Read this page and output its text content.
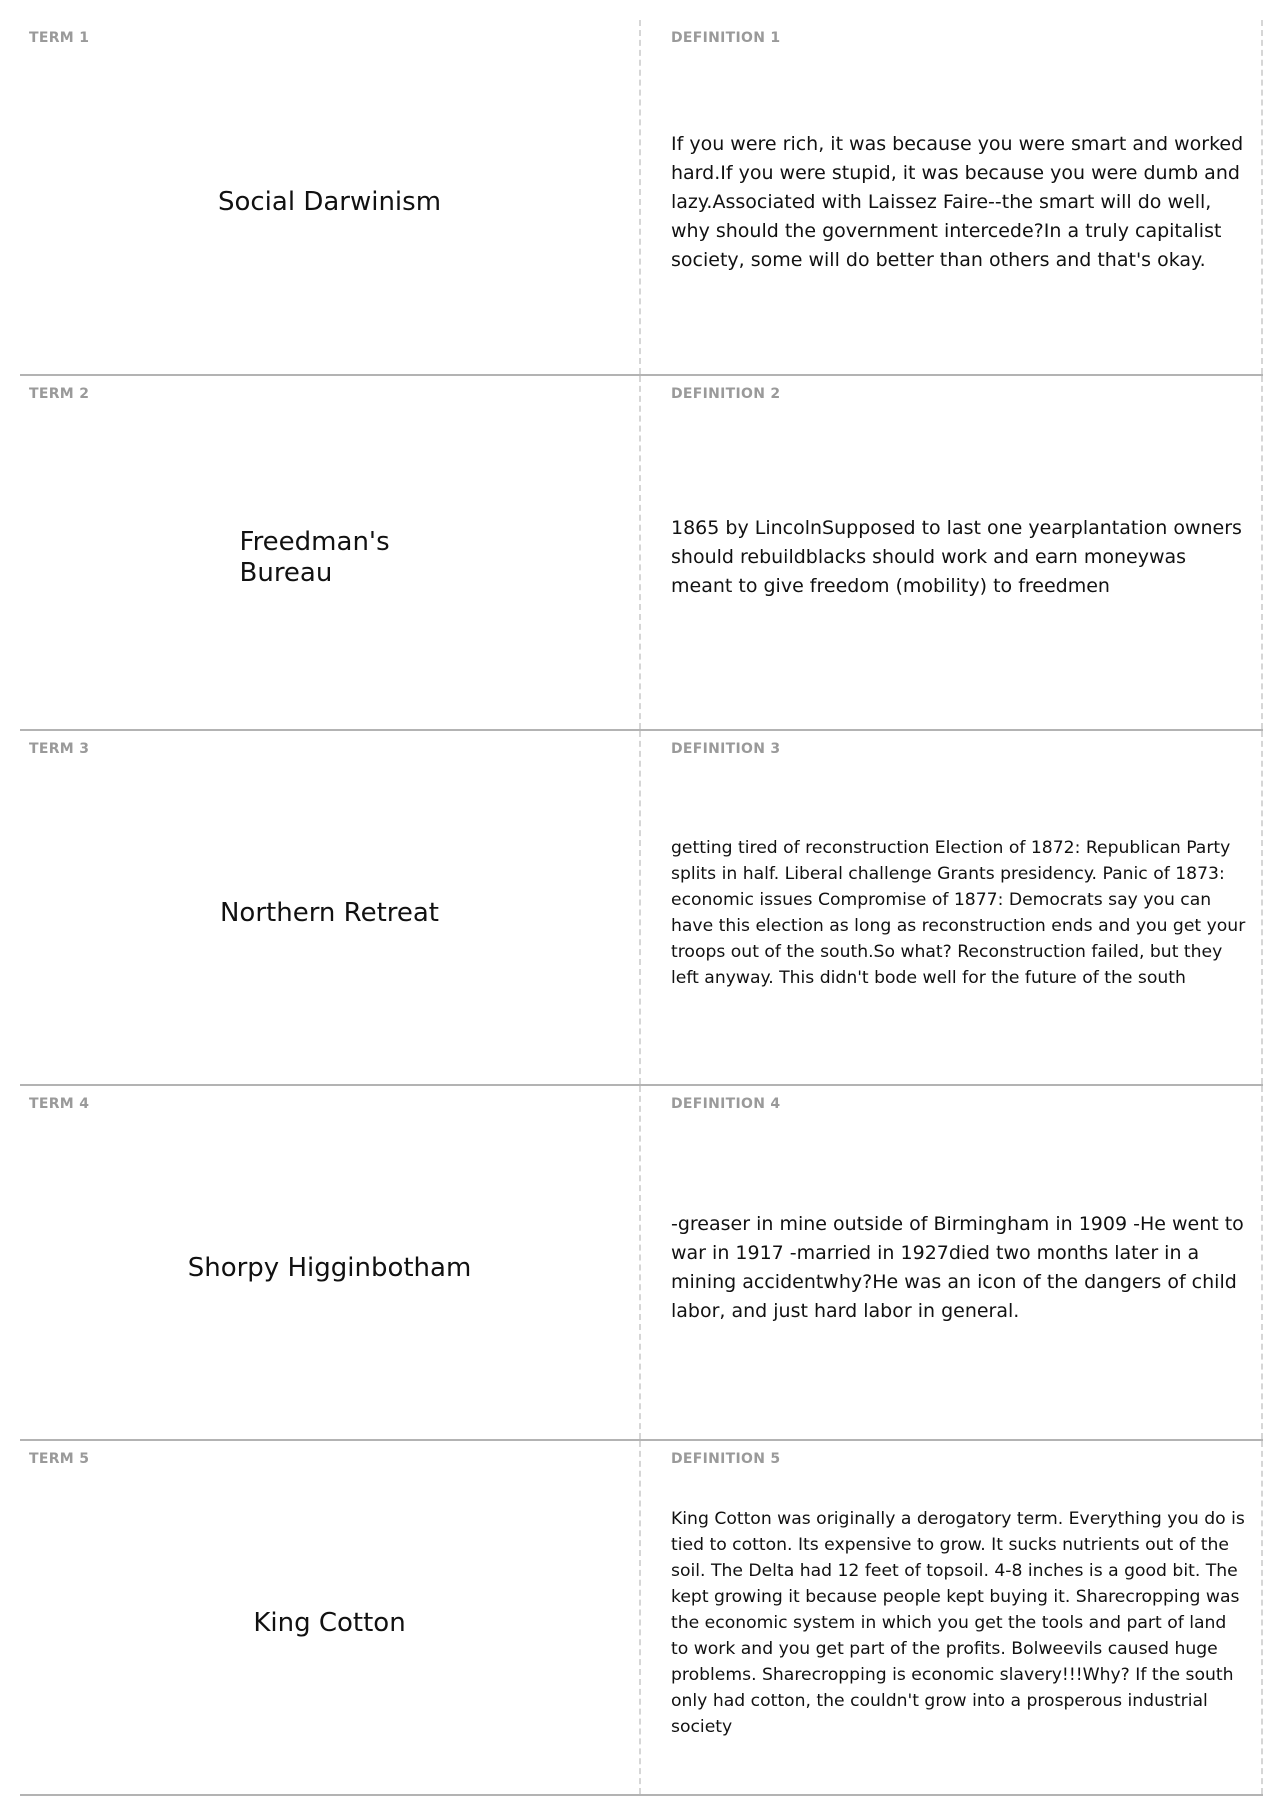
TERM 1
Social Darwinism
DEFINITION 1
If you were rich, it was because you were smart and worked hard.If you were stupid, it was because you were dumb and lazy.Associated with Laissez Faire--the smart will do well, why should the government intercede?In a truly capitalist society, some will do better than others and that's okay.
TERM 2
Freedman's Bureau
DEFINITION 2
1865 by LincolnSupposed to last one yearplantation owners should rebuildblacks should work and earn moneywas meant to give freedom (mobility) to freedmen
TERM 3
Northern Retreat
DEFINITION 3
getting tired of reconstruction Election of 1872: Republican Party splits in half. Liberal challenge Grants presidency. Panic of 1873: economic issues Compromise of 1877: Democrats say you can have this election as long as reconstruction ends and you get your troops out of the south.So what? Reconstruction failed, but they left anyway. This didn't bode well for the future of the south
TERM 4
Shorpy Higginbotham
DEFINITION 4
-greaser in mine outside of Birmingham in 1909 -He went to war in 1917 -married in 1927died two months later in a mining accidentwhy?He was an icon of the dangers of child labor, and just hard labor in general.
TERM 5
King Cotton
DEFINITION 5
King Cotton was originally a derogatory term. Everything you do is tied to cotton. Its expensive to grow. It sucks nutrients out of the soil. The Delta had 12 feet of topsoil. 4-8 inches is a good bit. The kept growing it because people kept buying it. Sharecropping was the economic system in which you get the tools and part of land to work and you get part of the profits. Bolweevils caused huge problems. Sharecropping is economic slavery!!!Why? If the south only had cotton, the couldn't grow into a prosperous industrial society
